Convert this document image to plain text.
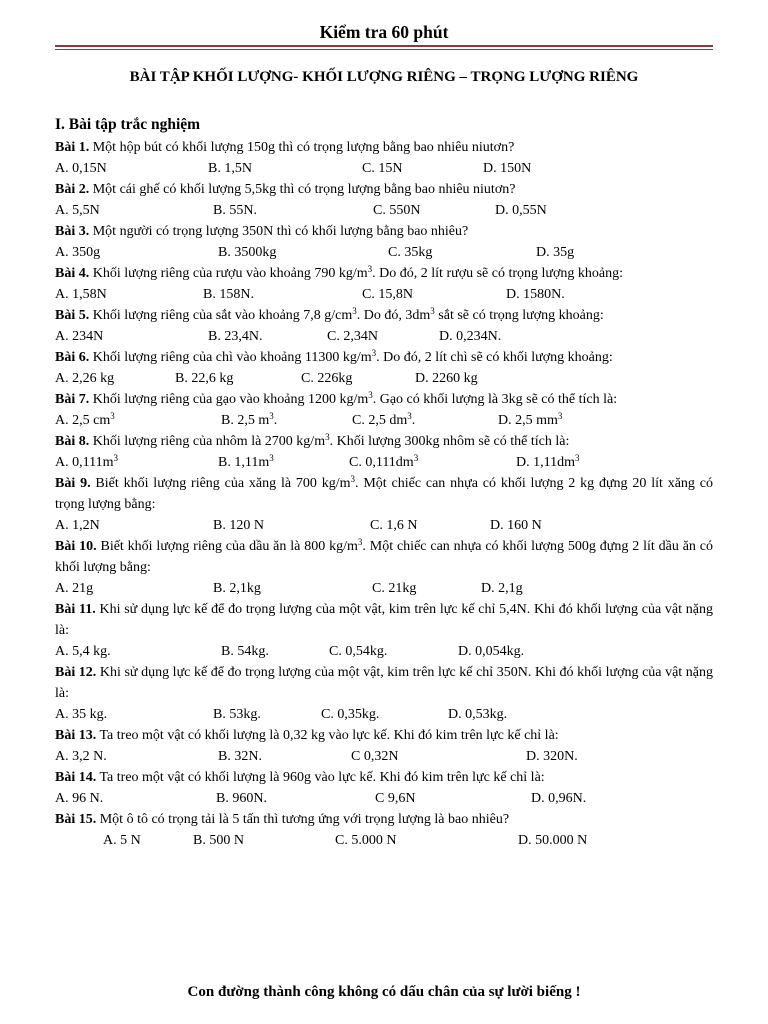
Kiểm tra 60 phút
BÀI TẬP KHỐI LƯỢNG- KHỐI LƯỢNG RIÊNG – TRỌNG LƯỢNG RIÊNG
I. Bài tập trắc nghiệm
Bài 1. Một hộp bút có khối lượng 150g thì có trọng lượng bằng bao nhiêu niutơn?
A. 0,15N	B. 1,5N	C. 15N	D. 150N
Bài 2. Một cái ghế có khối lượng 5,5kg thì có trọng lượng bằng bao nhiêu niutơn?
A. 5,5N	B. 55N.	C. 550N	D. 0,55N
Bài 3. Một người có trọng lượng 350N thì có khối lượng bằng bao nhiêu?
A. 350g	B. 3500kg	C. 35kg	D. 35g
Bài 4. Khối lượng riêng của rượu vào khoảng 790 $kg/m^3$. Do đó, 2 lít rượu sẽ có trọng lượng khoảng:
A. 1,58N	B. 158N.	C. 15,8N	D. 1580N.
Bài 5. Khối lượng riêng của sắt vào khoảng 7,8 $g/cm^3$. Do đó, $3dm^3$ sắt sẽ có trọng lượng khoảng:
A. 234N	B. 23,4N.	C. 2,34N	D. 0,234N.
Bài 6. Khối lượng riêng của chì vào khoảng 11300 $kg/m^3$. Do đó, 2 lít chì sẽ có khối lượng khoảng:
A. 2,26 kg	B. 22,6 kg	C. 226kg	D. 2260 kg
Bài 7. Khối lượng riêng của gạo vào khoảng 1200 $kg/m^3$. Gạo có khối lượng là 3kg sẽ có thể tích là:
A. 2,5 $cm^3$	B. 2,5 $m^3$.	C. 2,5 $dm^3$.	D. 2,5 $mm^3$
Bài 8. Khối lượng riêng của nhôm là 2700 $kg/m^3$. Khối lượng 300kg nhôm sẽ có thể tích là:
A. $0,111m^3$	B. $1,11m^3$	C. $0,111dm^3$	D. $1,11dm^3$
Bài 9. Biết khối lượng riêng của xăng là 700 $kg/m^3$. Một chiếc can nhựa có khối lượng 2 kg đựng 20 lít xăng có trọng lượng bằng:
A. 1,2N	B. 120 N	C. 1,6 N	D. 160 N
Bài 10. Biết khối lượng riêng của dầu ăn là 800 $kg/m^3$. Một chiếc can nhựa có khối lượng 500g đựng 2 lít dầu ăn có khối lượng bằng:
A. 21g	B. 2,1kg	C. 21kg	D. 2,1g
Bài 11. Khi sử dụng lực kế để đo trọng lượng của một vật, kim trên lực kế chỉ 5,4N. Khi đó khối lượng của vật nặng là:
A. 5,4 kg.	B. 54kg.	C. 0,54kg.	D. 0,054kg.
Bài 12. Khi sử dụng lực kế để đo trọng lượng của một vật, kim trên lực kế chỉ 350N. Khi đó khối lượng của vật nặng là:
A. 35 kg.	B. 53kg.	C. 0,35kg.	D. 0,53kg.
Bài 13. Ta treo một vật có khối lượng là 0,32 kg vào lực kế. Khi đó kim trên lực kế chỉ là:
A. 3,2 N.	B. 32N.	C 0,32N	D. 320N.
Bài 14. Ta treo một vật có khối lượng là 960g vào lực kế. Khi đó kim trên lực kế chỉ là:
A. 96 N.	B. 960N.	C 9,6N	D. 0,96N.
Bài 15. Một ô tô có trọng tải là 5 tấn thì tương ứng với trọng lượng là bao nhiêu?
A. 5 N	B. 500 N	C. 5.000 N	D. 50.000 N
Con đường thành công không có dấu chân của sự lười biếng !
